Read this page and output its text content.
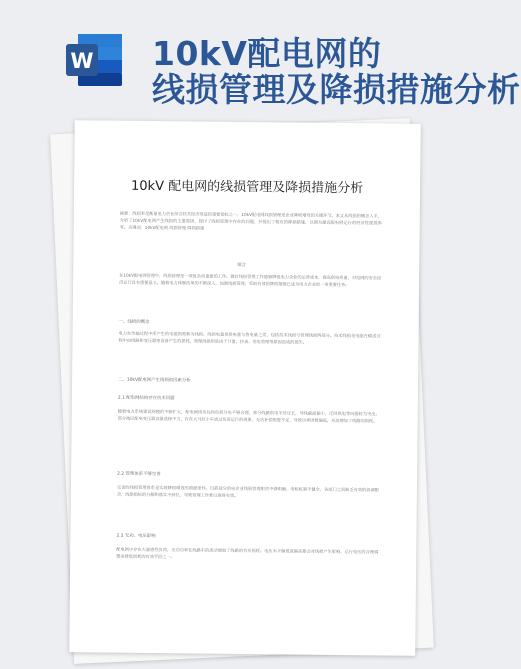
W 10kV配电网的
线损管理及降损措施分析
10kV 配电网的线损管理及降损措施分析

摘要：线损率是衡量电力企业综合技术经济效益的重要指标之一，10kV配电网线损管理是企业降损增效的关键环节。本文从线损的概念入手，分析了10kV配电网产生线损的主要原因，探讨了线损管理中存在的问题，并提出了相应的降损措施，以期为提高配电网运行的经济性提供参考。关键词：10kV配电网 线损管理 降损措施

前言

在10kV配电网管理中，线损管理是一项复杂而重要的工作。做好线损管理工作能够降低电力企业的运营成本，提高供电质量，对电网的安全经济运行具有重要意义。随着电力体制改革的不断深入，加强线损管理、采取有效的降损措施已成为电力企业的一项重要任务。

一、线损的概念

电力在传输过程中所产生的电能损耗称为线损。线损电量是供电量与售电量之差，包括技术线损与管理线损两部分。技术线损是电能在输送过程中由线路和变压器等设备产生的损耗，管理线损则是由于计量、抄表、用电管理等原因造成的损失。

二、10kV配电网产生线损的因素分析
2.1 配电网结构存在技术问题

随着电力系统建设规模的不断扩大，配电网络布局和负荷分布不够合理，部分线路供电半径过长，导线截面偏小，迂回供电等问题较为突出。部分地区配电变压器容量选择不当，存在大马拉小车或过负荷运行的现象，无功补偿配置不足，导致功率因数偏低，从而增加了线路的损耗。

2.2 管理体系不够完善

完善的线损管理体系是实现降损增效的前提条件。目前部分供电企业线损管理职责不够明确，考核机制不健全，各部门之间缺乏有效的协调配合，线损指标的分解和落实不到位，导致管理工作难以取得实效。

2.3 无功、电压影响

配电网中存在大量感性负荷，无功功率在线路中的流动增加了线路的有功损耗。电压水平偏低或偏高都会对线损产生影响，运行电压的合理调整是降低损耗的有效手段之一。
